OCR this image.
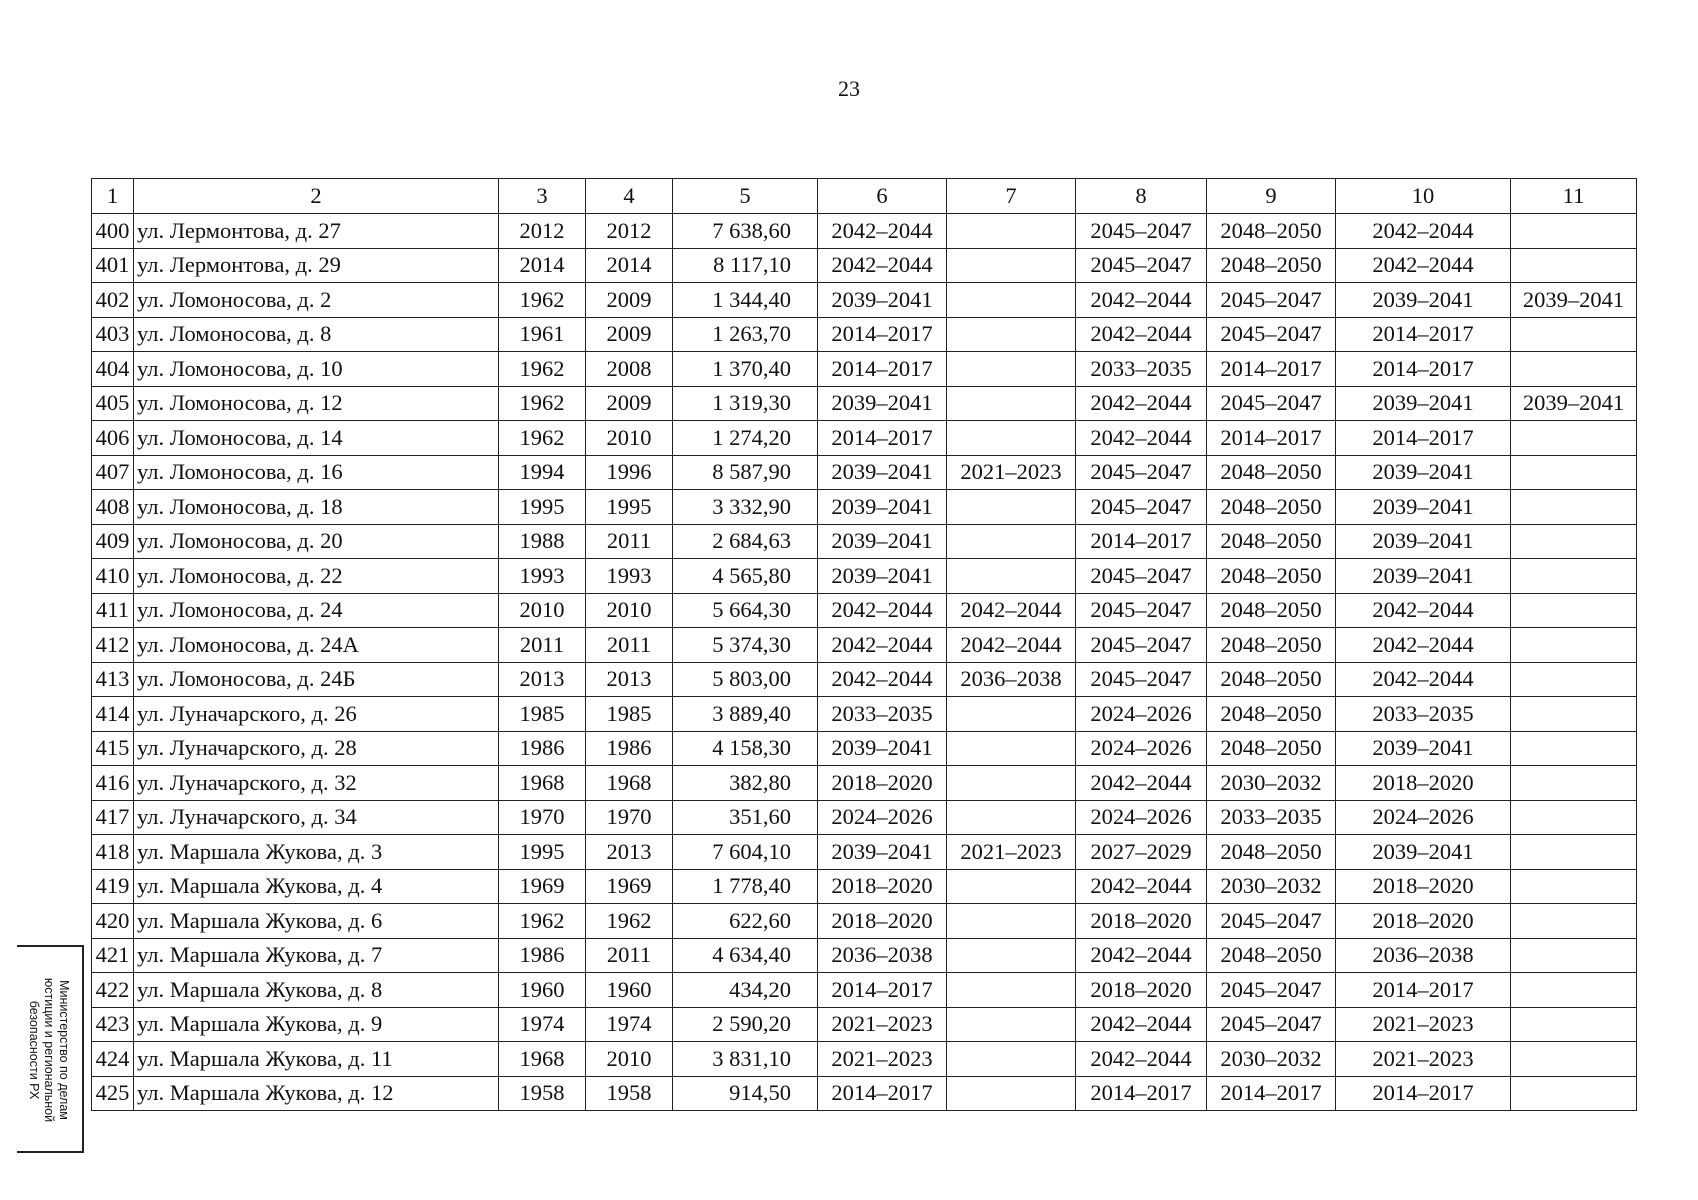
23
1	2	3	4	5	6	7	8	9	10	11
400	ул. Лермонтова, д. 27	2012	2012	7 638,60	2042–2044		2045–2047	2048–2050	2042–2044	
401	ул. Лермонтова, д. 29	2014	2014	8 117,10	2042–2044		2045–2047	2048–2050	2042–2044	
402	ул. Ломоносова, д. 2	1962	2009	1 344,40	2039–2041		2042–2044	2045–2047	2039–2041	2039–2041
403	ул. Ломоносова, д. 8	1961	2009	1 263,70	2014–2017		2042–2044	2045–2047	2014–2017	
404	ул. Ломоносова, д. 10	1962	2008	1 370,40	2014–2017		2033–2035	2014–2017	2014–2017	
405	ул. Ломоносова, д. 12	1962	2009	1 319,30	2039–2041		2042–2044	2045–2047	2039–2041	2039–2041
406	ул. Ломоносова, д. 14	1962	2010	1 274,20	2014–2017		2042–2044	2014–2017	2014–2017	
407	ул. Ломоносова, д. 16	1994	1996	8 587,90	2039–2041	2021–2023	2045–2047	2048–2050	2039–2041	
408	ул. Ломоносова, д. 18	1995	1995	3 332,90	2039–2041		2045–2047	2048–2050	2039–2041	
409	ул. Ломоносова, д. 20	1988	2011	2 684,63	2039–2041		2014–2017	2048–2050	2039–2041	
410	ул. Ломоносова, д. 22	1993	1993	4 565,80	2039–2041		2045–2047	2048–2050	2039–2041	
411	ул. Ломоносова, д. 24	2010	2010	5 664,30	2042–2044	2042–2044	2045–2047	2048–2050	2042–2044	
412	ул. Ломоносова, д. 24А	2011	2011	5 374,30	2042–2044	2042–2044	2045–2047	2048–2050	2042–2044	
413	ул. Ломоносова, д. 24Б	2013	2013	5 803,00	2042–2044	2036–2038	2045–2047	2048–2050	2042–2044	
414	ул. Луначарского, д. 26	1985	1985	3 889,40	2033–2035		2024–2026	2048–2050	2033–2035	
415	ул. Луначарского, д. 28	1986	1986	4 158,30	2039–2041		2024–2026	2048–2050	2039–2041	
416	ул. Луначарского, д. 32	1968	1968	382,80	2018–2020		2042–2044	2030–2032	2018–2020	
417	ул. Луначарского, д. 34	1970	1970	351,60	2024–2026		2024–2026	2033–2035	2024–2026	
418	ул. Маршала Жукова, д. 3	1995	2013	7 604,10	2039–2041	2021–2023	2027–2029	2048–2050	2039–2041	
419	ул. Маршала Жукова, д. 4	1969	1969	1 778,40	2018–2020		2042–2044	2030–2032	2018–2020	
420	ул. Маршала Жукова, д. 6	1962	1962	622,60	2018–2020		2018–2020	2045–2047	2018–2020	
421	ул. Маршала Жукова, д. 7	1986	2011	4 634,40	2036–2038		2042–2044	2048–2050	2036–2038	
422	ул. Маршала Жукова, д. 8	1960	1960	434,20	2014–2017		2018–2020	2045–2047	2014–2017	
423	ул. Маршала Жукова, д. 9	1974	1974	2 590,20	2021–2023		2042–2044	2045–2047	2021–2023	
424	ул. Маршала Жукова, д. 11	1968	2010	3 831,10	2021–2023		2042–2044	2030–2032	2021–2023	
425	ул. Маршала Жукова, д. 12	1958	1958	914,50	2014–2017		2014–2017	2014–2017	2014–2017	
Министерство по делам
юстиции и региональной
безопасности РХ
